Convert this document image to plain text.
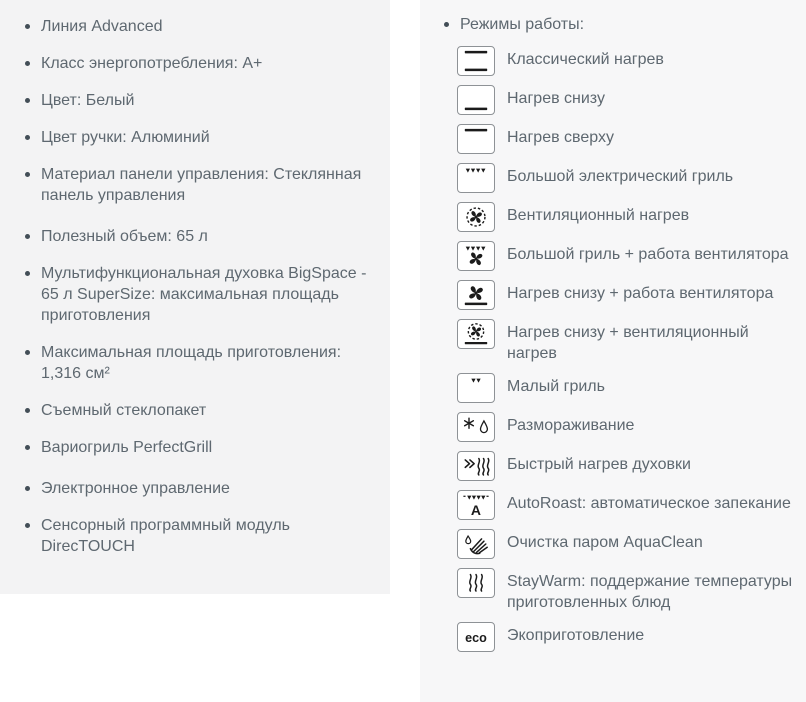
Линия Advanced
Класс энергопотребления: A+
Цвет: Белый
Цвет ручки: Алюминий
Материал панели управления: Стеклянная панель управления
Полезный объем: 65 л
Мультифункциональная духовка BigSpace - 65 л SuperSize: максимальная площадь приготовления
Максимальная площадь приготовления: 1,316 см²
Съемный стеклопакет
Вариогриль PerfectGrill
Электронное управление
Сенсорный программный модуль DirecTOUCH
Режимы работы:
Классический нагрев
Нагрев снизу
Нагрев сверху
Большой электрический гриль
Вентиляционный нагрев
Большой гриль + работа вентилятора
Нагрев снизу + работа вентилятора
Нагрев снизу + вентиляционный нагрев
Малый гриль
Размораживание
Быстрый нагрев духовки
A AutoRoast: автоматическое запекание
Очистка паром AquaClean
StayWarm: поддержание температуры приготовленных блюд
eco Экоприготовление
